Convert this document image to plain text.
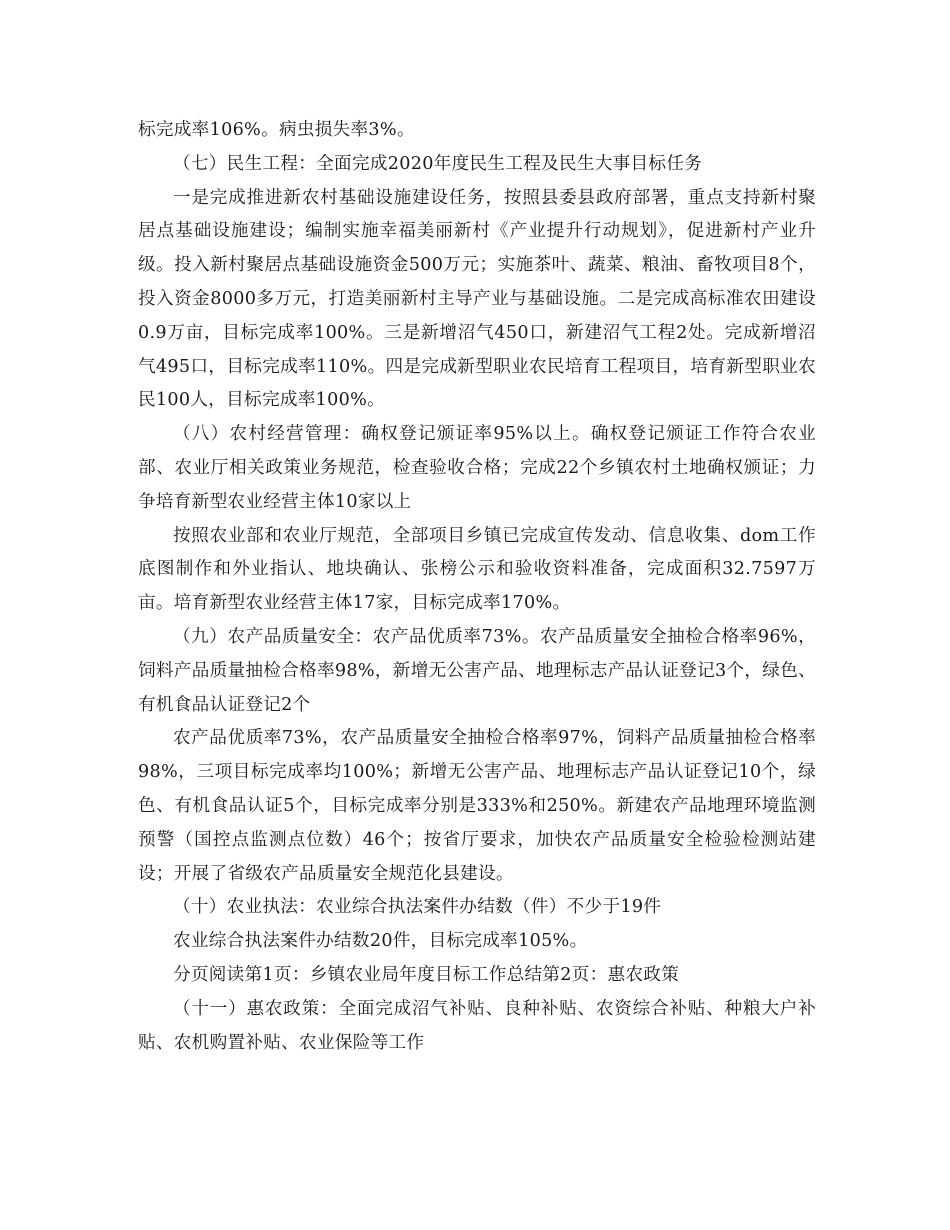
标完成率106%。病虫损失率3%。

（七）民生工程：全面完成2020年度民生工程及民生大事目标任务

一是完成推进新农村基础设施建设任务，按照县委县政府部署，重点支持新村聚居点基础设施建设；编制实施幸福美丽新村《产业提升行动规划》，促进新村产业升级。投入新村聚居点基础设施资金500万元；实施茶叶、蔬菜、粮油、畜牧项目8个，投入资金8000多万元，打造美丽新村主导产业与基础设施。二是完成高标准农田建设0.9万亩，目标完成率100%。三是新增沼气450口，新建沼气工程2处。完成新增沼气495口，目标完成率110%。四是完成新型职业农民培育工程项目，培育新型职业农民100人，目标完成率100%。

（八）农村经营管理：确权登记颁证率95%以上。确权登记颁证工作符合农业部、农业厅相关政策业务规范，检查验收合格；完成22个乡镇农村土地确权颁证；力争培育新型农业经营主体10家以上

按照农业部和农业厅规范，全部项目乡镇已完成宣传发动、信息收集、dom工作底图制作和外业指认、地块确认、张榜公示和验收资料准备，完成面积32.7597万亩。培育新型农业经营主体17家，目标完成率170%。

（九）农产品质量安全：农产品优质率73%。农产品质量安全抽检合格率96%，饲料产品质量抽检合格率98%，新增无公害产品、地理标志产品认证登记3个，绿色、有机食品认证登记2个

农产品优质率73%，农产品质量安全抽检合格率97%，饲料产品质量抽检合格率98%，三项目标完成率均100%；新增无公害产品、地理标志产品认证登记10个，绿色、有机食品认证5个，目标完成率分别是333%和250%。新建农产品地理环境监测预警（国控点监测点位数）46个；按省厅要求，加快农产品质量安全检验检测站建设；开展了省级农产品质量安全规范化县建设。

（十）农业执法：农业综合执法案件办结数（件）不少于19件

农业综合执法案件办结数20件，目标完成率105%。

分页阅读第1页：乡镇农业局年度目标工作总结第2页：惠农政策

（十一）惠农政策：全面完成沼气补贴、良种补贴、农资综合补贴、种粮大户补贴、农机购置补贴、农业保险等工作
